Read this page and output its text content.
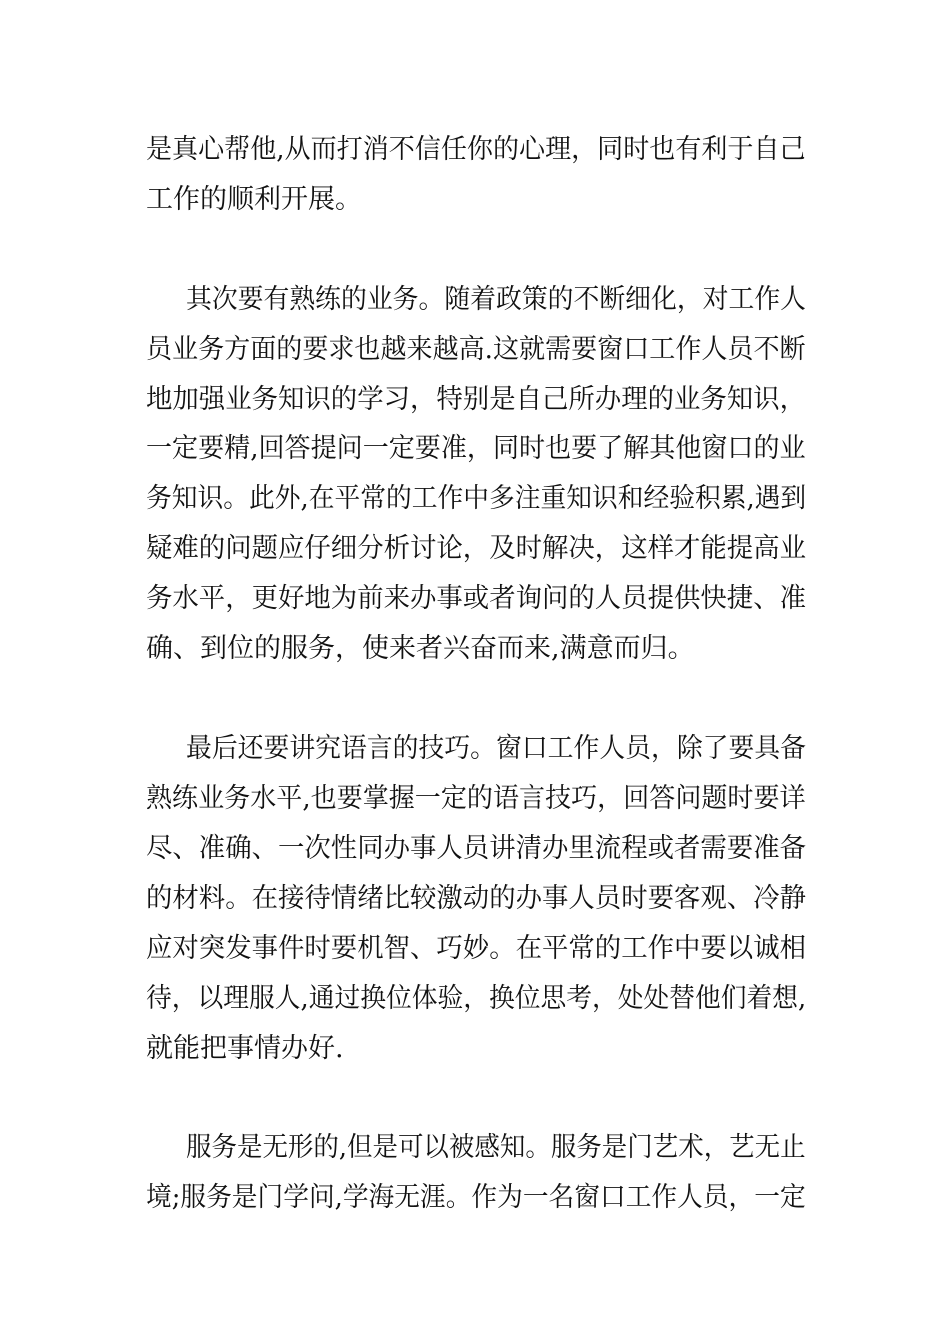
是真心帮他,从而打消不信任你的心理，同时也有利于自己
工作的顺利开展。
其次要有熟练的业务。随着政策的不断细化，对工作人
员业务方面的要求也越来越高.这就需要窗口工作人员不断
地加强业务知识的学习，特别是自己所办理的业务知识，
一定要精,回答提问一定要准，同时也要了解其他窗口的业
务知识。此外,在平常的工作中多注重知识和经验积累,遇到
疑难的问题应仔细分析讨论，及时解决，这样才能提高业
务水平，更好地为前来办事或者询问的人员提供快捷、准
确、到位的服务，使来者兴奋而来,满意而归。
最后还要讲究语言的技巧。窗口工作人员，除了要具备
熟练业务水平,也要掌握一定的语言技巧，回答问题时要详
尽、准确、一次性同办事人员讲清办里流程或者需要准备
的材料。在接待情绪比较激动的办事人员时要客观、冷静
应对突发事件时要机智、巧妙。在平常的工作中要以诚相
待，以理服人,通过换位体验，换位思考，处处替他们着想,
就能把事情办好.
服务是无形的,但是可以被感知。服务是门艺术，艺无止
境;服务是门学问,学海无涯。作为一名窗口工作人员，一定
